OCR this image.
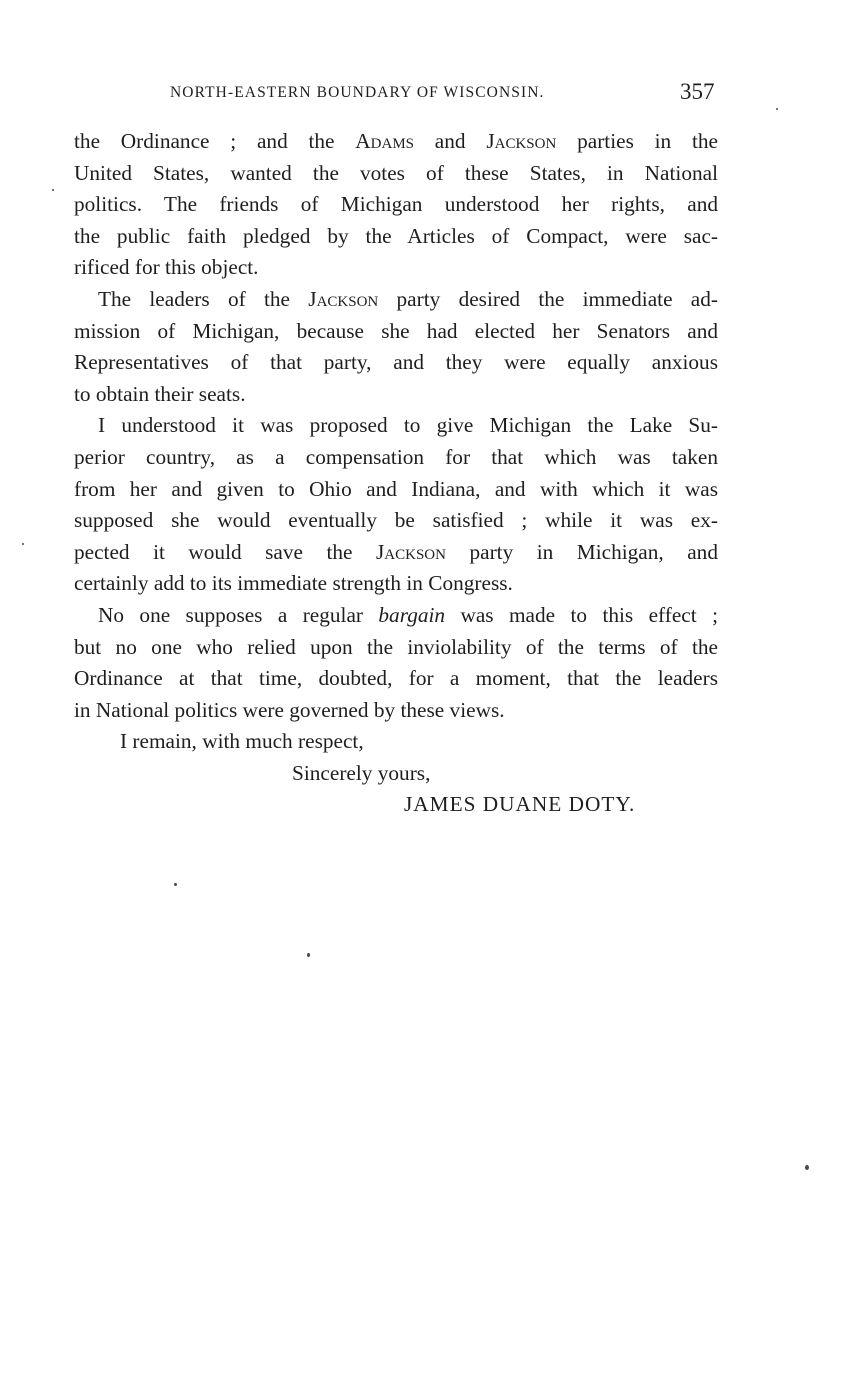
NORTH-EASTERN BOUNDARY OF WISCONSIN.	357
the Ordinance ; and the Adams and Jackson parties in the
United States, wanted the votes of these States, in National
politics. The friends of Michigan understood her rights, and
the public faith pledged by the Articles of Compact, were sac-
rificed for this object.
The leaders of the Jackson party desired the immediate ad-
mission of Michigan, because she had elected her Senators and
Representatives of that party, and they were equally anxious
to obtain their seats.
I understood it was proposed to give Michigan the Lake Su-
perior country, as a compensation for that which was taken
from her and given to Ohio and Indiana, and with which it was
supposed she would eventually be satisfied ; while it was ex-
pected it would save the Jackson party in Michigan, and
certainly add to its immediate strength in Congress.
No one supposes a regular bargain was made to this effect ;
but no one who relied upon the inviolability of the terms of the
Ordinance at that time, doubted, for a moment, that the leaders
in National politics were governed by these views.
I remain, with much respect,
Sincerely yours,
JAMES DUANE DOTY.
